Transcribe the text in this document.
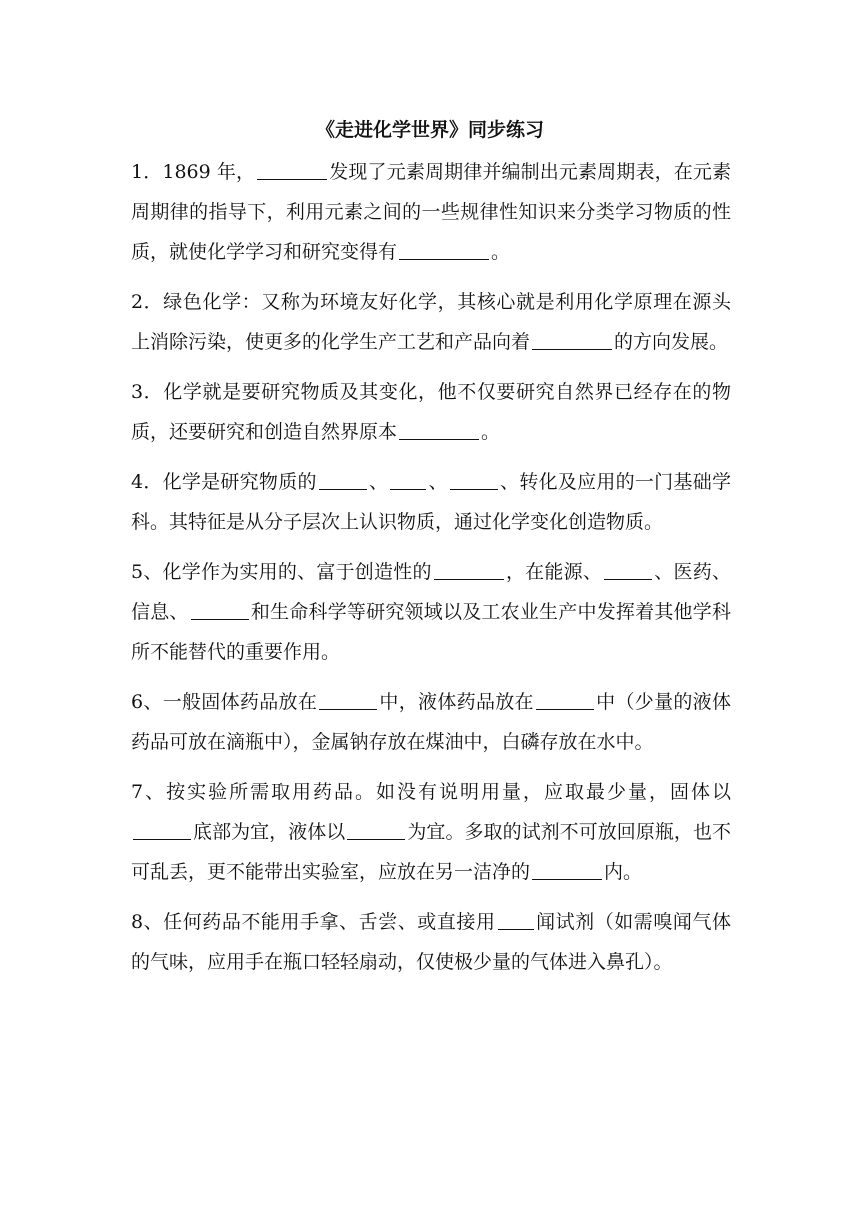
《走进化学世界》同步练习

1．1869 年，	发现了元素周期律并编制出元素周期表，在元素周期律的指导下，利用元素之间的一些规律性知识来分类学习物质的性质，就使化学学习和研究变得有	。

2．绿色化学：又称为环境友好化学，其核心就是利用化学原理在源头上消除污染，使更多的化学生产工艺和产品向着	的方向发展。

3．化学就是要研究物质及其变化，他不仅要研究自然界已经存在的物质，还要研究和创造自然界原本	。

4．化学是研究物质的	、 、	、转化及应用的一门基础学科。其特征是从分子层次上认识物质，通过化学变化创造物质。

5、化学作为实用的、富于创造性的	，在能源、	、医药、信息、	和生命科学等研究领域以及工农业生产中发挥着其他学科所不能替代的重要作用。

6、一般固体药品放在	中，液体药品放在	中（少量的液体药品可放在滴瓶中），金属钠存放在煤油中，白磷存放在水中。

7、按实验所需取用药品。如没有说明用量，应取最少量，固体以底部为宜，液体以	为宜。多取的试剂不可放回原瓶，也不可乱丢，更不能带出实验室，应放在另一洁净的	内。

8、任何药品不能用手拿、舌尝、或直接用 闻试剂（如需嗅闻气体的气味，应用手在瓶口轻轻扇动，仅使极少量的气体进入鼻孔）。
